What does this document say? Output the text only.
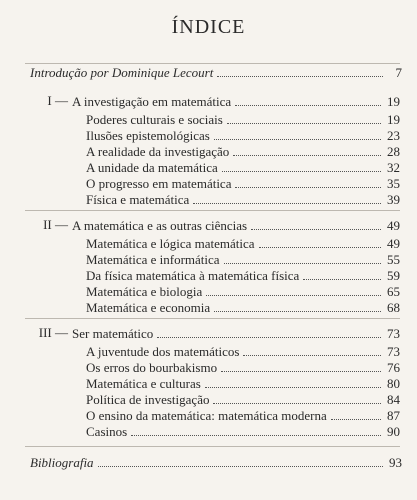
ÍNDICE
Introdução por Dominique Lecourt	7
I — A investigação em matemática	19
Poderes culturais e sociais	19
Ilusões epistemológicas	23
A realidade da investigação	28
A unidade da matemática	32
O progresso em matemática	35
Física e matemática	39
II — A matemática e as outras ciências	49
Matemática e lógica matemática	49
Matemática e informática	55
Da física matemática à matemática física	59
Matemática e biologia	65
Matemática e economia	68
III — Ser matemático	73
A juventude dos matemáticos	73
Os erros do bourbakismo	76
Matemática e culturas	80
Política de investigação	84
O ensino da matemática: matemática moderna	87
Casinos	90
Bibliografia	93
